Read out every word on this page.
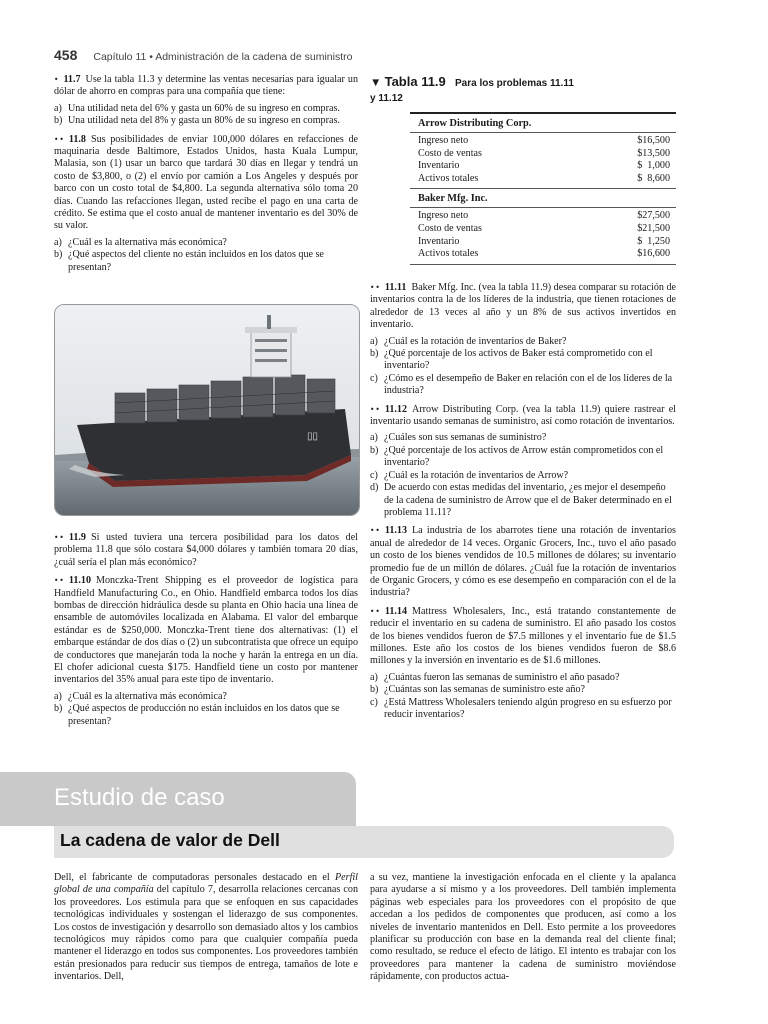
458 Capítulo 11 • Administración de la cadena de suministro
• 11.7 Use la tabla 11.3 y determine las ventas necesarias para igualar un dólar de ahorro en compras para una compañía que tiene:
a) Una utilidad neta del 6% y gasta un 60% de su ingreso en compras.
b) Una utilidad neta del 8% y gasta un 80% de su ingreso en compras.
•• 11.8 Sus posibilidades de enviar 100,000 dólares en refacciones de maquinaria desde Baltimore, Estados Unidos, hasta Kuala Lumpur, Malasia, son (1) usar un barco que tardará 30 días en llegar y tendrá un costo de $3,800, o (2) el envío por camión a Los Angeles y después por barco con un costo total de $4,800. La segunda alternativa sólo toma 20 días. Cuando las refacciones llegan, usted recibe el pago en una carta de crédito. Se estima que el costo anual de mantener inventario es del 30% de su valor.
a) ¿Cuál es la alternativa más económica?
b) ¿Qué aspectos del cliente no están incluidos en los datos que se presentan?
▯▯
•• 11.9 Si usted tuviera una tercera posibilidad para los datos del problema 11.8 que sólo costara $4,000 dólares y también tomara 20 días, ¿cuál sería el plan más económico?
•• 11.10 Monczka-Trent Shipping es el proveedor de logística para Handfield Manufacturing Co., en Ohio. Handfield embarca todos los días bombas de dirección hidráulica desde su planta en Ohio hacia una línea de ensamble de automóviles localizada en Alabama. El valor del embarque estándar es de $250,000. Monczka-Trent tiene dos alternativas: (1) el embarque estándar de dos días o (2) un subcontratista que ofrece un equipo de conductores que manejarán toda la noche y harán la entrega en un día. El chofer adicional cuesta $175. Handfield tiene un costo por mantener inventarios del 35% anual para este tipo de inventario.
a) ¿Cuál es la alternativa más económica?
b) ¿Qué aspectos de producción no están incluidos en los datos que se presentan?
▼ Tabla 11.9 Para los problemas 11.11
y 11.12
Arrow Distributing Corp.
Ingreso neto	$16,500
Costo de ventas	$13,500
Inventario	$  1,000
Activos totales	$  8,600
Baker Mfg. Inc.
Ingreso neto	$27,500
Costo de ventas	$21,500
Inventario	$  1,250
Activos totales	$16,600
•• 11.11 Baker Mfg. Inc. (vea la tabla 11.9) desea comparar su rotación de inventarios contra la de los líderes de la industria, que tienen rotaciones de alrededor de 13 veces al año y un 8% de sus activos invertidos en inventario.
a) ¿Cuál es la rotación de inventarios de Baker?
b) ¿Qué porcentaje de los activos de Baker está comprometido con el inventario?
c) ¿Cómo es el desempeño de Baker en relación con el de los líderes de la industria?
•• 11.12 Arrow Distributing Corp. (vea la tabla 11.9) quiere rastrear el inventario usando semanas de suministro, así como rotación de inventarios.
a) ¿Cuáles son sus semanas de suministro?
b) ¿Qué porcentaje de los activos de Arrow están comprometidos con el inventario?
c) ¿Cuál es la rotación de inventarios de Arrow?
d) De acuerdo con estas medidas del inventario, ¿es mejor el desempeño de la cadena de suministro de Arrow que el de Baker determinado en el problema 11.11?
•• 11.13 La industria de los abarrotes tiene una rotación de inventarios anual de alrededor de 14 veces. Organic Grocers, Inc., tuvo el año pasado un costo de los bienes vendidos de 10.5 millones de dólares; su inventario promedio fue de un millón de dólares. ¿Cuál fue la rotación de inventarios de Organic Grocers, y cómo es ese desempeño en comparación con el de la industria?
•• 11.14 Mattress Wholesalers, Inc., está tratando constantemente de reducir el inventario en su cadena de suministro. El año pasado los costos de los bienes vendidos fueron de $7.5 millones y el inventario fue de $1.5 millones. Este año los costos de los bienes vendidos fueron de $8.6 millones y la inversión en inventario es de $1.6 millones.
a) ¿Cuántas fueron las semanas de suministro el año pasado?
b) ¿Cuántas son las semanas de suministro este año?
c) ¿Está Mattress Wholesalers teniendo algún progreso en su esfuerzo por reducir inventarios?
Estudio de caso
La cadena de valor de Dell
Dell, el fabricante de computadoras personales destacado en el Perfil global de una compañía del capítulo 7, desarrolla relaciones cercanas con los proveedores. Los estimula para que se enfoquen en sus capacidades tecnológicas individuales y sostengan el liderazgo de sus componentes. Los costos de investigación y desarrollo son demasiado altos y los cambios tecnológicos muy rápidos como para que cualquier compañía pueda mantener el liderazgo en todos sus componentes. Los proveedores también están presionados para reducir sus tiempos de entrega, tamaños de lote e inventarios. Dell,
a su vez, mantiene la investigación enfocada en el cliente y la apalanca para ayudarse a sí mismo y a los proveedores. Dell también implementa páginas web especiales para los proveedores con el propósito de que accedan a los pedidos de componentes que producen, así como a los niveles de inventario mantenidos en Dell. Esto permite a los proveedores planificar su producción con base en la demanda real del cliente final; como resultado, se reduce el efecto de látigo. El intento es trabajar con los proveedores para mantener la cadena de suministro moviéndose rápidamente, con productos actua-
